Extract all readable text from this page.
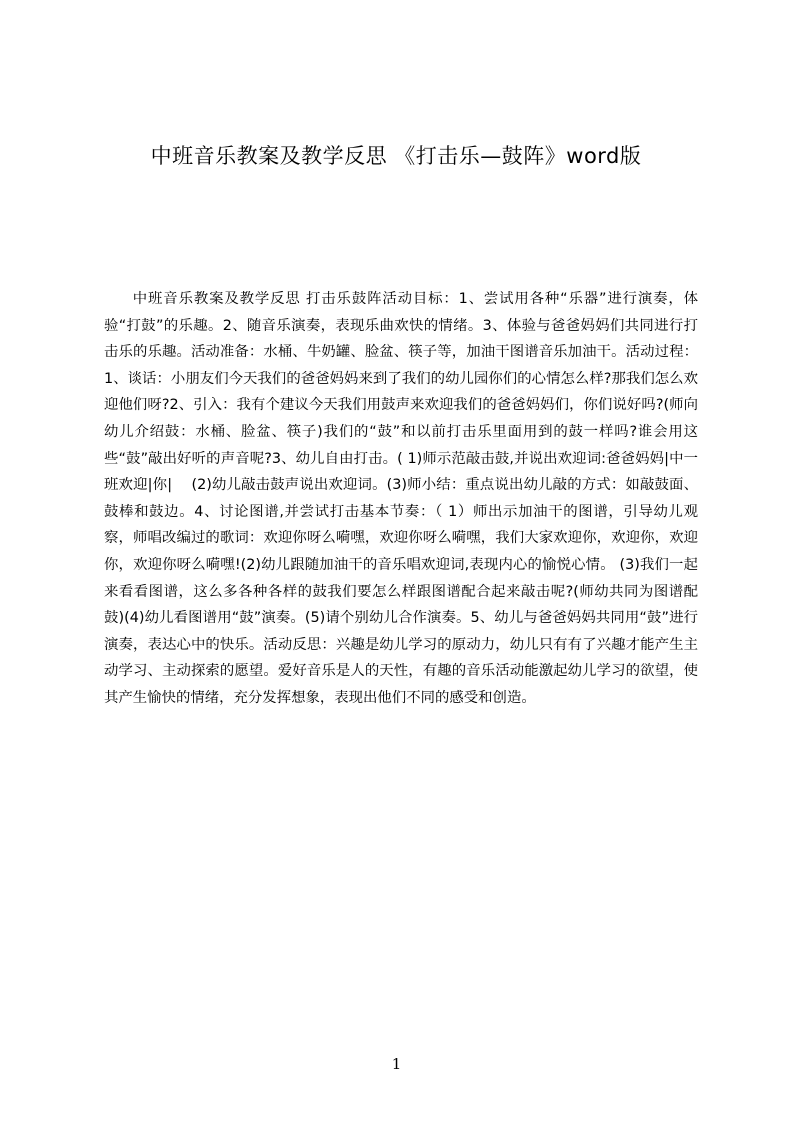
中班音乐教案及教学反思 《打击乐—鼓阵》word版

中班音乐教案及教学反思 打击乐鼓阵活动目标：1、尝试用各种“乐器”进行演奏，体验“打鼓”的乐趣。2、随音乐演奏，表现乐曲欢快的情绪。3、体验与爸爸妈妈们共同进行打击乐的乐趣。活动准备：水桶、牛奶罐、脸盆、筷子等，加油干图谱音乐加油干。活动过程：1、谈话：小朋友们今天我们的爸爸妈妈来到了我们的幼儿园你们的心情怎么样?那我们怎么欢迎他们呀?2、引入：我有个建议今天我们用鼓声来欢迎我们的爸爸妈妈们，你们说好吗?(师向幼儿介绍鼓：水桶、脸盆、筷子)我们的“鼓”和以前打击乐里面用到的鼓一样吗?谁会用这些“鼓”敲出好听的声音呢?3、幼儿自由打击。( 1)师示范敲击鼓,并说出欢迎词:爸爸妈妈|中一班欢迎|你|　 (2)幼儿敲击鼓声说出欢迎词。(3)师小结：重点说出幼儿敲的方式：如敲鼓面、鼓棒和鼓边。4、讨论图谱,并尝试打击基本节奏：（ 1）师出示加油干的图谱，引导幼儿观察，师唱改编过的歌词：欢迎你呀么嗬嘿，欢迎你呀么嗬嘿，我们大家欢迎你，欢迎你，欢迎你，欢迎你呀么嗬嘿!(2)幼儿跟随加油干的音乐唱欢迎词,表现内心的愉悦心情。 (3)我们一起来看看图谱，这么多各种各样的鼓我们要怎么样跟图谱配合起来敲击呢?(师幼共同为图谱配鼓)(4)幼儿看图谱用“鼓”演奏。(5)请个别幼儿合作演奏。5、幼儿与爸爸妈妈共同用“鼓”进行演奏，表达心中的快乐。活动反思：兴趣是幼儿学习的原动力，幼儿只有有了兴趣才能产生主动学习、主动探索的愿望。爱好音乐是人的天性，有趣的音乐活动能激起幼儿学习的欲望，使其产生愉快的情绪，充分发挥想象，表现出他们不同的感受和创造。

1
